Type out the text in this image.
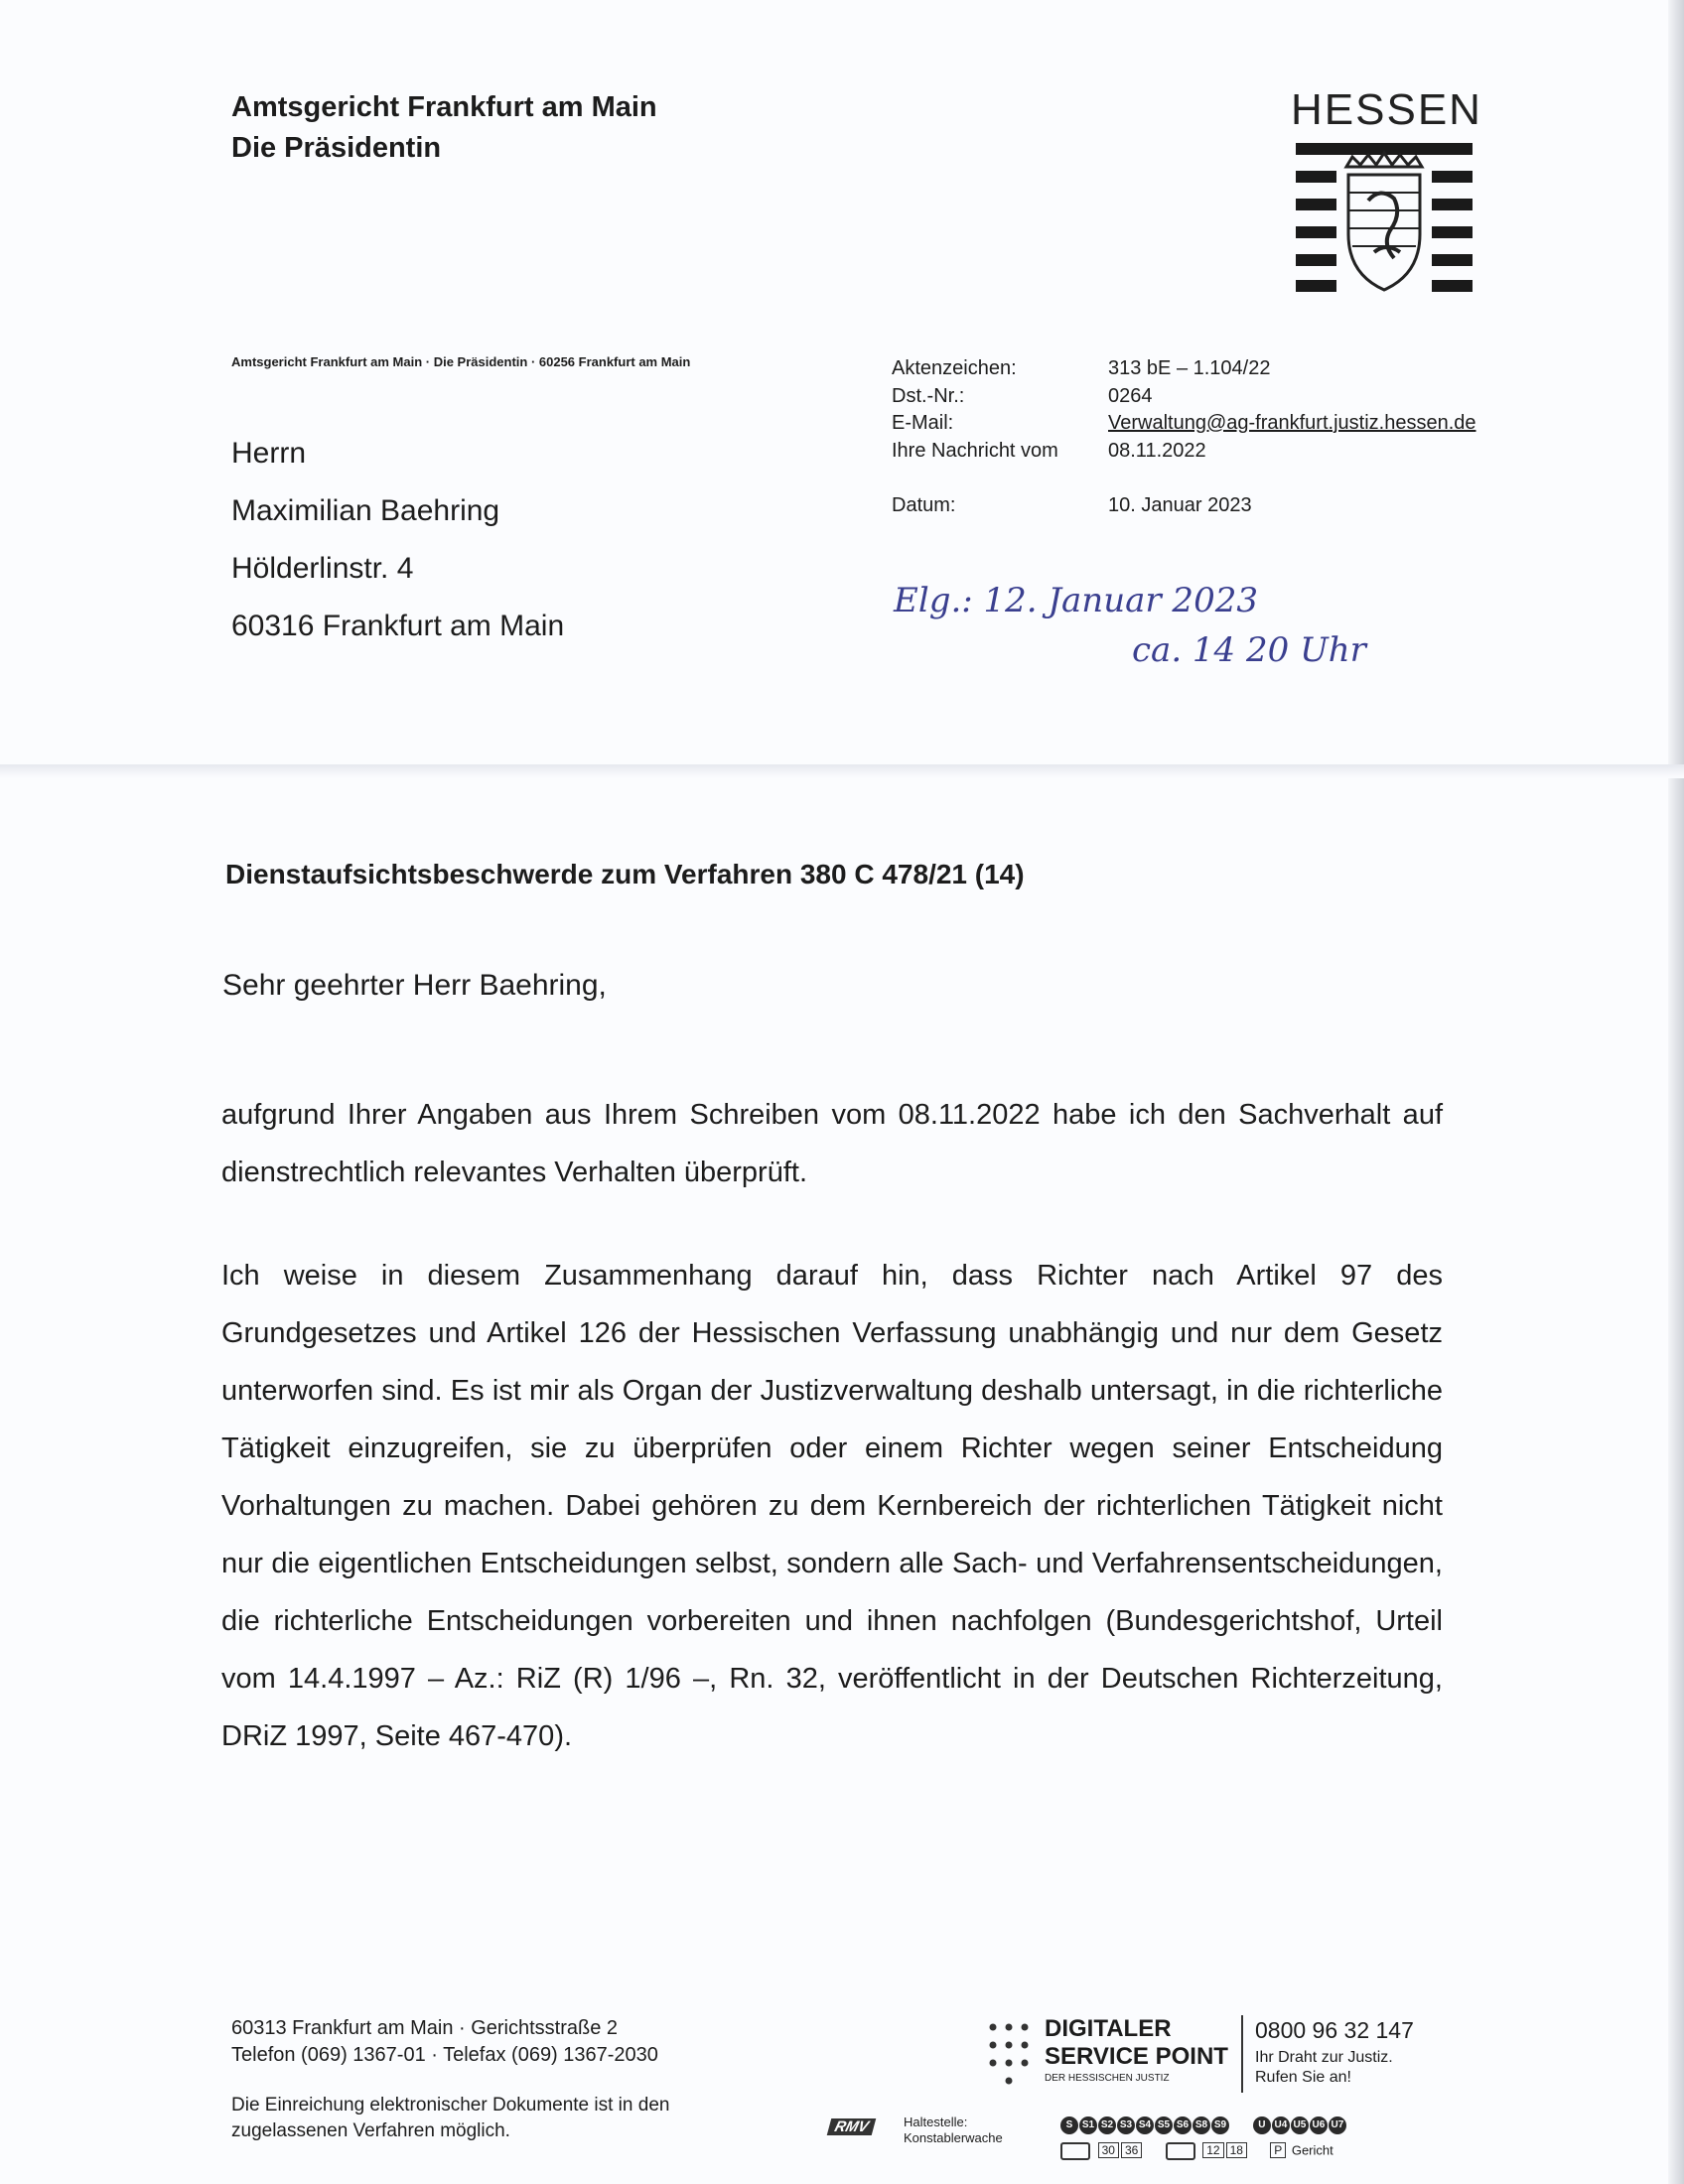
Amtsgericht Frankfurt am Main
Die Präsidentin
HESSEN
Amtsgericht Frankfurt am Main · Die Präsidentin · 60256 Frankfurt am Main
Herrn
Maximilian Baehring
Hölderlinstr. 4
60316 Frankfurt am Main
Aktenzeichen:	313 bE – 1.104/22
Dst.-Nr.:	0264
E-Mail:	Verwaltung@ag-frankfurt.justiz.hessen.de
Ihre Nachricht vom	08.11.2022
Datum:	10. Januar 2023
Elg.: 12. Januar 2023
ca. 14 20 Uhr
Dienstaufsichtsbeschwerde zum Verfahren 380 C 478/21 (14)
Sehr geehrter Herr Baehring,
aufgrund Ihrer Angaben aus Ihrem Schreiben vom 08.11.2022 habe ich den Sachverhalt auf dienstrechtlich relevantes Verhalten überprüft.
Ich weise in diesem Zusammenhang darauf hin, dass Richter nach Artikel 97 des Grundgesetzes und Artikel 126 der Hessischen Verfassung unabhängig und nur dem Gesetz unterworfen sind. Es ist mir als Organ der Justizverwaltung deshalb untersagt, in die richterliche Tätigkeit einzugreifen, sie zu überprüfen oder einem Richter wegen seiner Entscheidung Vorhaltungen zu machen. Dabei gehören zu dem Kernbereich der richterlichen Tätigkeit nicht nur die eigentlichen Entscheidungen selbst, sondern alle Sach- und Verfahrensentscheidungen, die richterliche Entscheidungen vorbereiten und ihnen nachfolgen (Bundesgerichtshof, Urteil vom 14.4.1997 – Az.: RiZ (R) 1/96 –, Rn. 32, veröffentlicht in der Deutschen Richterzeitung, DRiZ 1997, Seite 467-470).
60313 Frankfurt am Main · Gerichtsstraße 2
Telefon (069) 1367-01 · Telefax (069) 1367-2030
Die Einreichung elektronischer Dokumente ist in den
zugelassenen Verfahren möglich.
DIGITALER
SERVICE POINT
DER HESSISCHEN JUSTIZ
0800 96 32 147
Ihr Draht zur Justiz.
Rufen Sie an!
RMV	Haltestelle:
Konstablerwache
S S1 S2 S3 S4 S5 S6 S8 S9	U U4 U5 U6 U7
30 36	12 18	P Gericht
